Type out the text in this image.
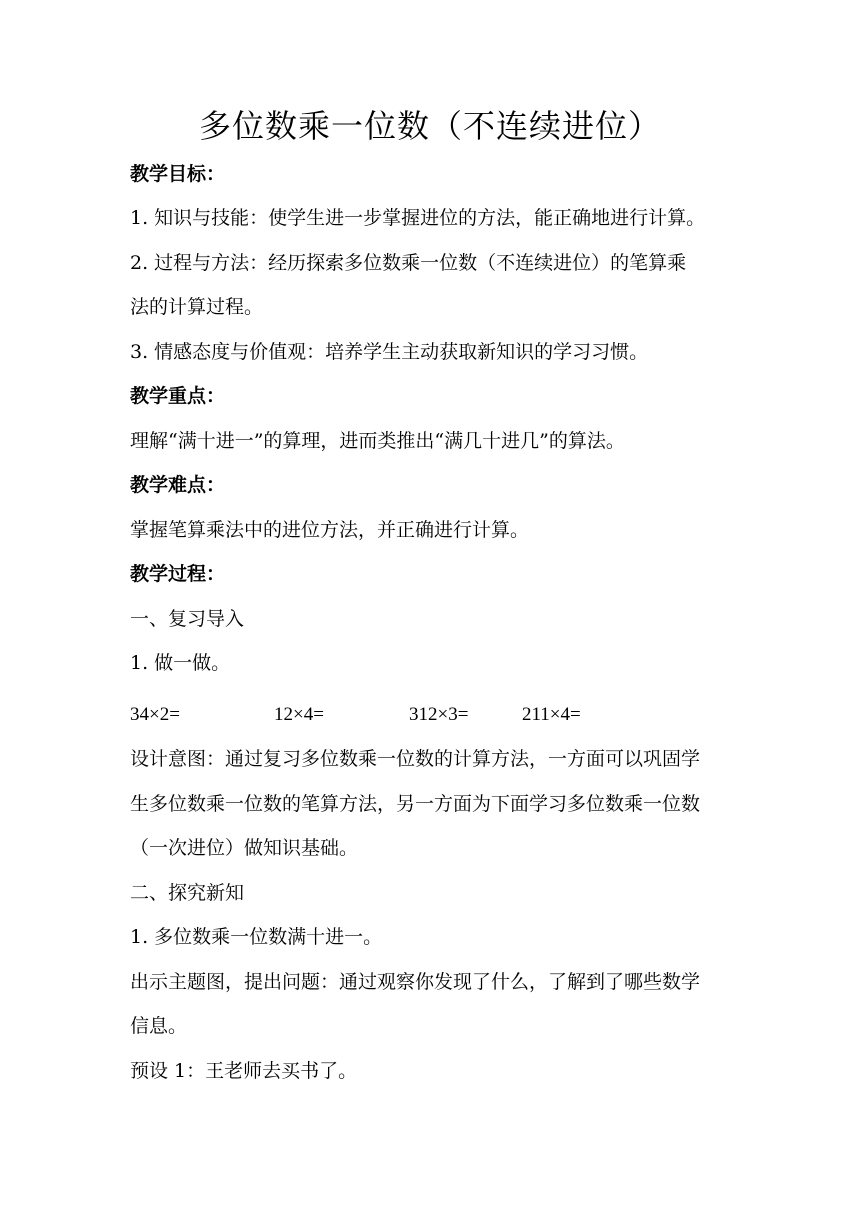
多位数乘一位数（不连续进位）

教学目标：

1. 知识与技能：使学生进一步掌握进位的方法，能正确地进行计算。

2. 过程与方法：经历探索多位数乘一位数（不连续进位）的笔算乘

法的计算过程。

3. 情感态度与价值观：培养学生主动获取新知识的学习习惯。

教学重点：

理解“满十进一”的算理，进而类推出“满几十进几”的算法。

教学难点：

掌握笔算乘法中的进位方法，并正确进行计算。

教学过程：

一、复习导入

1. 做一做。

34×2=	12×4=	312×3=	211×4=

设计意图：通过复习多位数乘一位数的计算方法，一方面可以巩固学

生多位数乘一位数的笔算方法，另一方面为下面学习多位数乘一位数

（一次进位）做知识基础。

二、探究新知

1. 多位数乘一位数满十进一。

出示主题图，提出问题：通过观察你发现了什么，了解到了哪些数学

信息。

预设 1：王老师去买书了。
